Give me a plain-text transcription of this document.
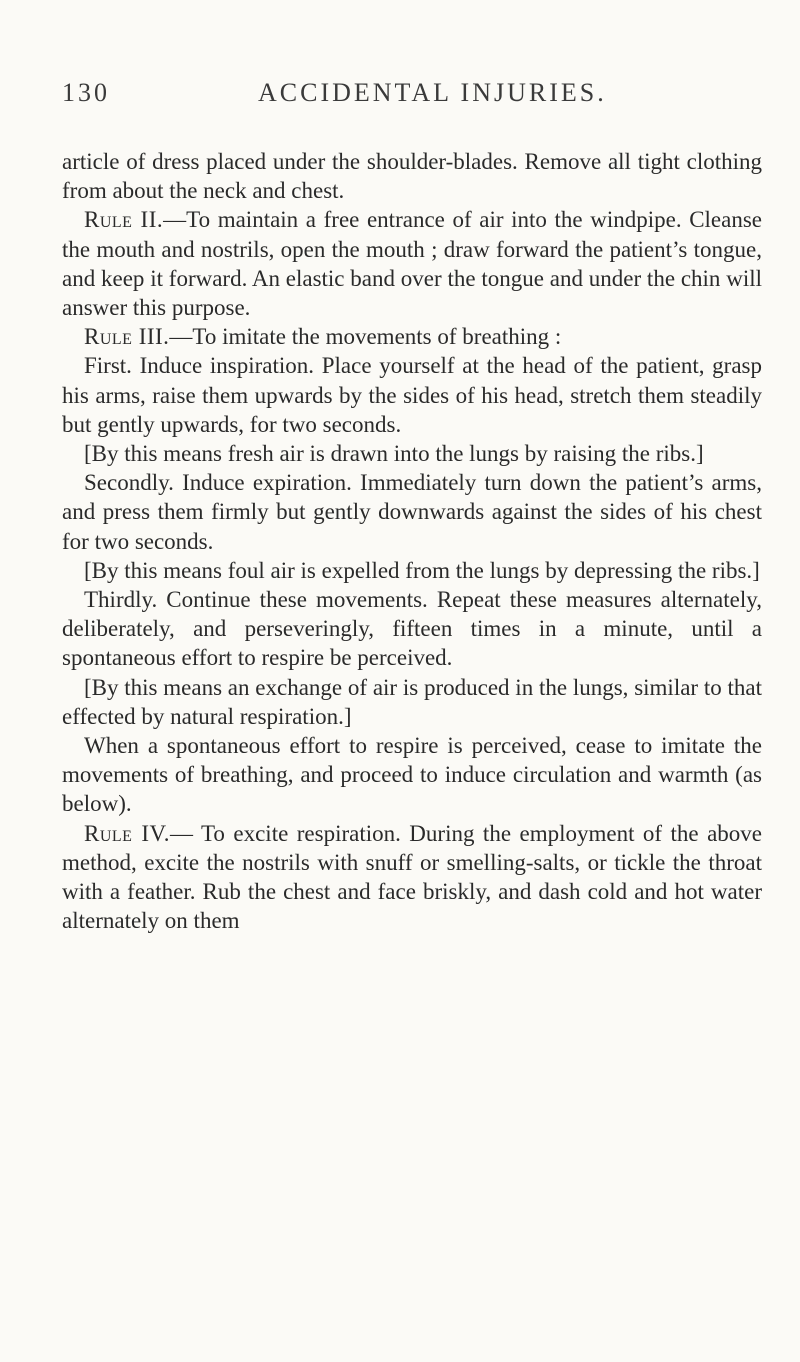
130	ACCIDENTAL INJURIES.

article of dress placed under the shoulder-blades. Remove all tight clothing from about the neck and chest.

Rule II.—To maintain a free entrance of air into the windpipe. Cleanse the mouth and nostrils, open the mouth ; draw forward the patient’s tongue, and keep it forward. An elastic band over the tongue and under the chin will answer this purpose.

Rule III.—To imitate the movements of breathing :

First. Induce inspiration. Place yourself at the head of the patient, grasp his arms, raise them upwards by the sides of his head, stretch them steadily but gently upwards, for two seconds.

[By this means fresh air is drawn into the lungs by raising the ribs.]

Secondly. Induce expiration. Immediately turn down the patient’s arms, and press them firmly but gently downwards against the sides of his chest for two seconds.

[By this means foul air is expelled from the lungs by depressing the ribs.]

Thirdly. Continue these movements. Repeat these measures alternately, deliberately, and perseveringly, fifteen times in a minute, until a spontaneous effort to respire be perceived.

[By this means an exchange of air is produced in the lungs, similar to that effected by natural respiration.]

When a spontaneous effort to respire is perceived, cease to imitate the movements of breathing, and proceed to induce circulation and warmth (as below).

Rule IV.— To excite respiration. During the employment of the above method, excite the nostrils with snuff or smelling-salts, or tickle the throat with a feather. Rub the chest and face briskly, and dash cold and hot water alternately on them
